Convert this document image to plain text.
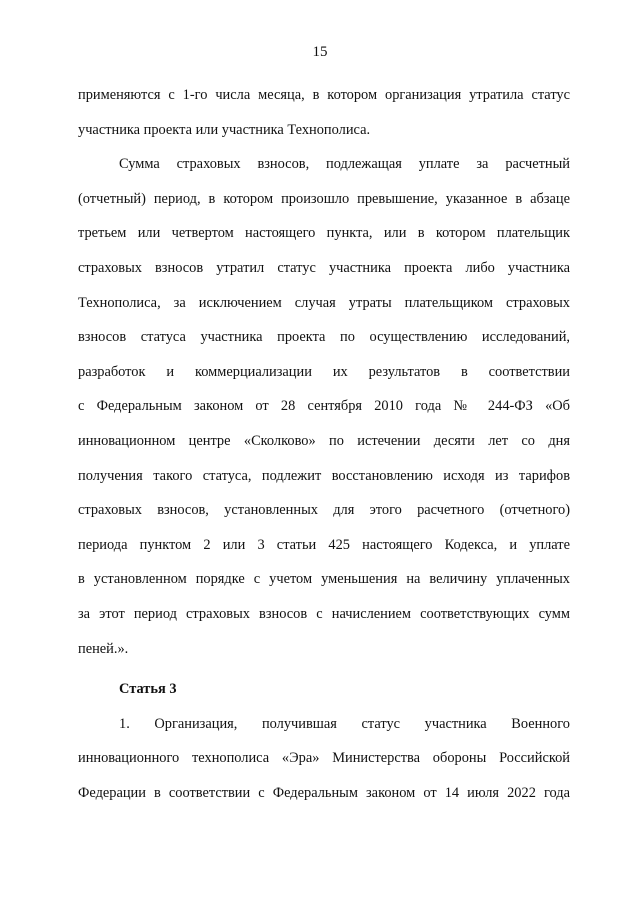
15
применяются с 1-го числа месяца, в котором организация утратила статус
участника проекта или участника Технополиса.
Сумма страховых взносов, подлежащая уплате за расчетный
(отчетный) период, в котором произошло превышение, указанное в абзаце
третьем или четвертом настоящего пункта, или в котором плательщик
страховых взносов утратил статус участника проекта либо участника
Технополиса, за исключением случая утраты плательщиком страховых
взносов статуса участника проекта по осуществлению исследований,
разработок и коммерциализации их результатов в соответствии
с Федеральным законом от 28 сентября 2010 года № 244-ФЗ «Об
инновационном центре «Сколково» по истечении десяти лет со дня
получения такого статуса, подлежит восстановлению исходя из тарифов
страховых взносов, установленных для этого расчетного (отчетного)
периода пунктом 2 или 3 статьи 425 настоящего Кодекса, и уплате
в установленном порядке с учетом уменьшения на величину уплаченных
за этот период страховых взносов с начислением соответствующих сумм
пеней.».
Статья 3
1. Организация, получившая статус участника Военного
инновационного технополиса «Эра» Министерства обороны Российской
Федерации в соответствии с Федеральным законом от 14 июля 2022 года
